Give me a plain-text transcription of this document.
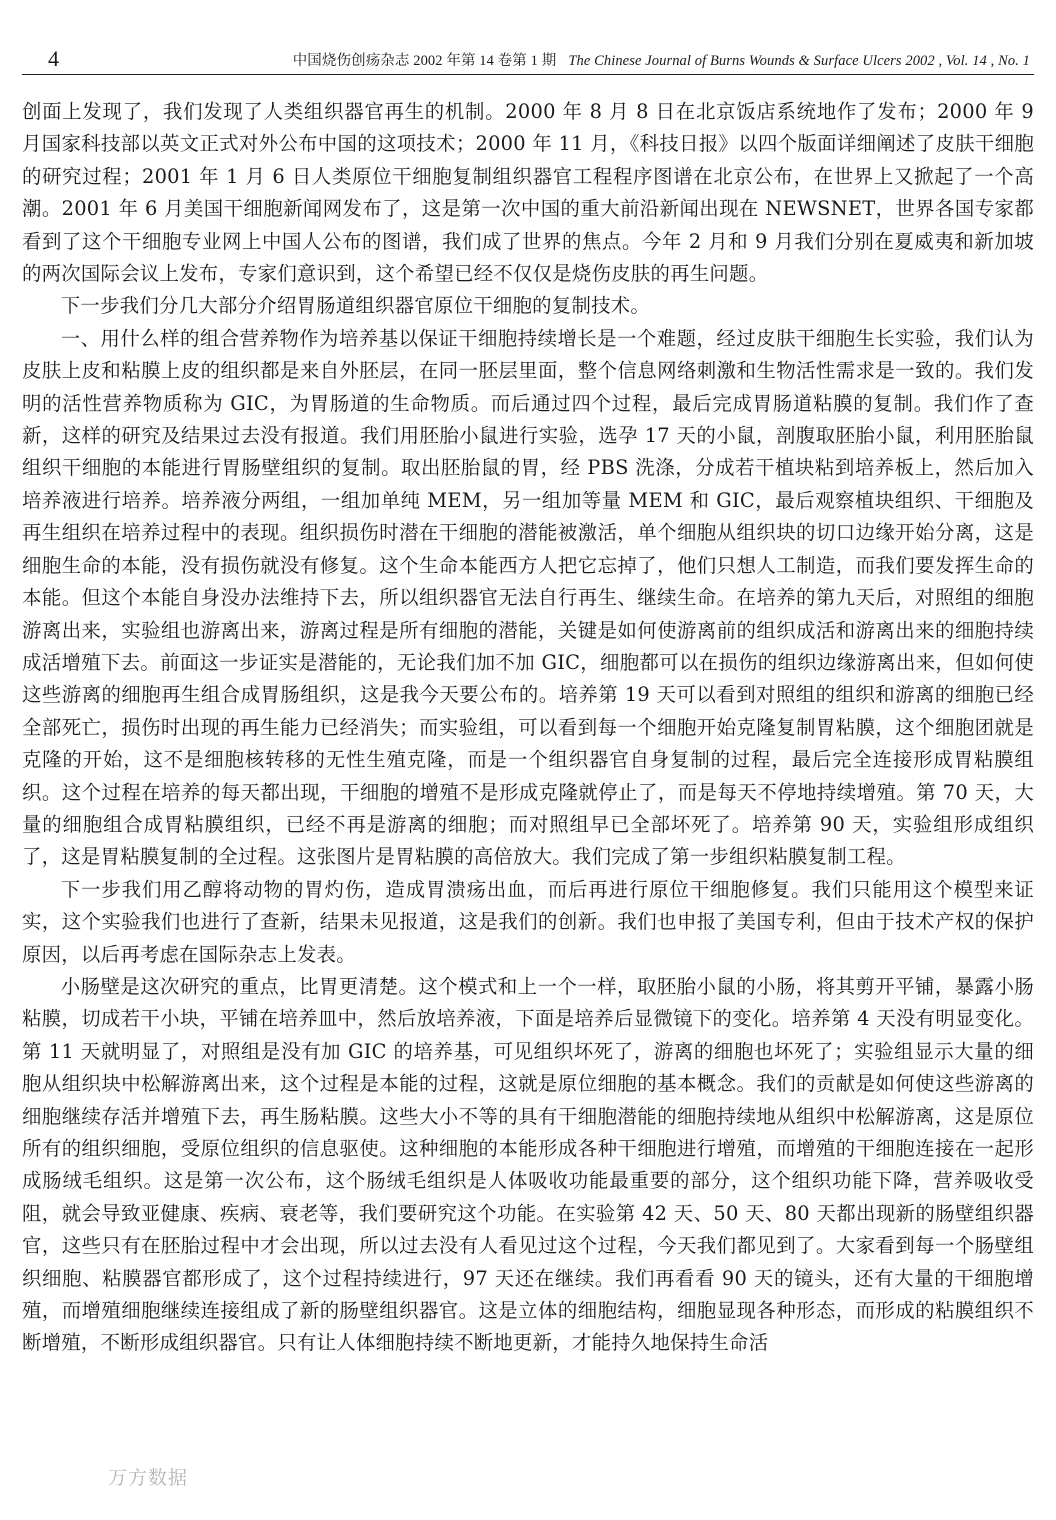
4	中国烧伤创疡杂志 2002 年第 14 卷第 1 期 The Chinese Journal of Burns Wounds & Surface Ulcers 2002 , Vol. 14 , No. 1

创面上发现了，我们发现了人类组织器官再生的机制。2000 年 8 月 8 日在北京饭店系统地作了发布；2000 年 9 月国家科技部以英文正式对外公布中国的这项技术；2000 年 11 月，《科技日报》以四个版面详细阐述了皮肤干细胞的研究过程；2001 年 1 月 6 日人类原位干细胞复制组织器官工程程序图谱在北京公布，在世界上又掀起了一个高潮。2001 年 6 月美国干细胞新闻网发布了，这是第一次中国的重大前沿新闻出现在 NEWSNET，世界各国专家都看到了这个干细胞专业网上中国人公布的图谱，我们成了世界的焦点。今年 2 月和 9 月我们分别在夏威夷和新加坡的两次国际会议上发布，专家们意识到，这个希望已经不仅仅是烧伤皮肤的再生问题。

下一步我们分几大部分介绍胃肠道组织器官原位干细胞的复制技术。

一、用什么样的组合营养物作为培养基以保证干细胞持续增长是一个难题，经过皮肤干细胞生长实验，我们认为皮肤上皮和粘膜上皮的组织都是来自外胚层，在同一胚层里面，整个信息网络刺激和生物活性需求是一致的。我们发明的活性营养物质称为 GIC，为胃肠道的生命物质。而后通过四个过程，最后完成胃肠道粘膜的复制。我们作了查新，这样的研究及结果过去没有报道。我们用胚胎小鼠进行实验，选孕 17 天的小鼠，剖腹取胚胎小鼠，利用胚胎鼠组织干细胞的本能进行胃肠壁组织的复制。取出胚胎鼠的胃，经 PBS 洗涤，分成若干植块粘到培养板上，然后加入培养液进行培养。培养液分两组，一组加单纯 MEM，另一组加等量 MEM 和 GIC，最后观察植块组织、干细胞及再生组织在培养过程中的表现。组织损伤时潜在干细胞的潜能被激活，单个细胞从组织块的切口边缘开始分离，这是细胞生命的本能，没有损伤就没有修复。这个生命本能西方人把它忘掉了，他们只想人工制造，而我们要发挥生命的本能。但这个本能自身没办法维持下去，所以组织器官无法自行再生、继续生命。在培养的第九天后，对照组的细胞游离出来，实验组也游离出来，游离过程是所有细胞的潜能，关键是如何使游离前的组织成活和游离出来的细胞持续成活增殖下去。前面这一步证实是潜能的，无论我们加不加 GIC，细胞都可以在损伤的组织边缘游离出来，但如何使这些游离的细胞再生组合成胃肠组织，这是我今天要公布的。培养第 19 天可以看到对照组的组织和游离的细胞已经全部死亡，损伤时出现的再生能力已经消失；而实验组，可以看到每一个细胞开始克隆复制胃粘膜，这个细胞团就是克隆的开始，这不是细胞核转移的无性生殖克隆，而是一个组织器官自身复制的过程，最后完全连接形成胃粘膜组织。这个过程在培养的每天都出现，干细胞的增殖不是形成克隆就停止了，而是每天不停地持续增殖。第 70 天，大量的细胞组合成胃粘膜组织，已经不再是游离的细胞；而对照组早已全部坏死了。培养第 90 天，实验组形成组织了，这是胃粘膜复制的全过程。这张图片是胃粘膜的高倍放大。我们完成了第一步组织粘膜复制工程。

下一步我们用乙醇将动物的胃灼伤，造成胃溃疡出血，而后再进行原位干细胞修复。我们只能用这个模型来证实，这个实验我们也进行了查新，结果未见报道，这是我们的创新。我们也申报了美国专利，但由于技术产权的保护原因，以后再考虑在国际杂志上发表。

小肠壁是这次研究的重点，比胃更清楚。这个模式和上一个一样，取胚胎小鼠的小肠，将其剪开平铺，暴露小肠粘膜，切成若干小块，平铺在培养皿中，然后放培养液，下面是培养后显微镜下的变化。培养第 4 天没有明显变化。第 11 天就明显了，对照组是没有加 GIC 的培养基，可见组织坏死了，游离的细胞也坏死了；实验组显示大量的细胞从组织块中松解游离出来，这个过程是本能的过程，这就是原位细胞的基本概念。我们的贡献是如何使这些游离的细胞继续存活并增殖下去，再生肠粘膜。这些大小不等的具有干细胞潜能的细胞持续地从组织中松解游离，这是原位所有的组织细胞，受原位组织的信息驱使。这种细胞的本能形成各种干细胞进行增殖，而增殖的干细胞连接在一起形成肠绒毛组织。这是第一次公布，这个肠绒毛组织是人体吸收功能最重要的部分，这个组织功能下降，营养吸收受阻，就会导致亚健康、疾病、衰老等，我们要研究这个功能。在实验第 42 天、50 天、80 天都出现新的肠壁组织器官，这些只有在胚胎过程中才会出现，所以过去没有人看见过这个过程，今天我们都见到了。大家看到每一个肠壁组织细胞、粘膜器官都形成了，这个过程持续进行，97 天还在继续。我们再看看 90 天的镜头，还有大量的干细胞增殖，而增殖细胞继续连接组成了新的肠壁组织器官。这是立体的细胞结构，细胞显现各种形态，而形成的粘膜组织不断增殖，不断形成组织器官。只有让人体细胞持续不断地更新，才能持久地保持生命活

万方数据
